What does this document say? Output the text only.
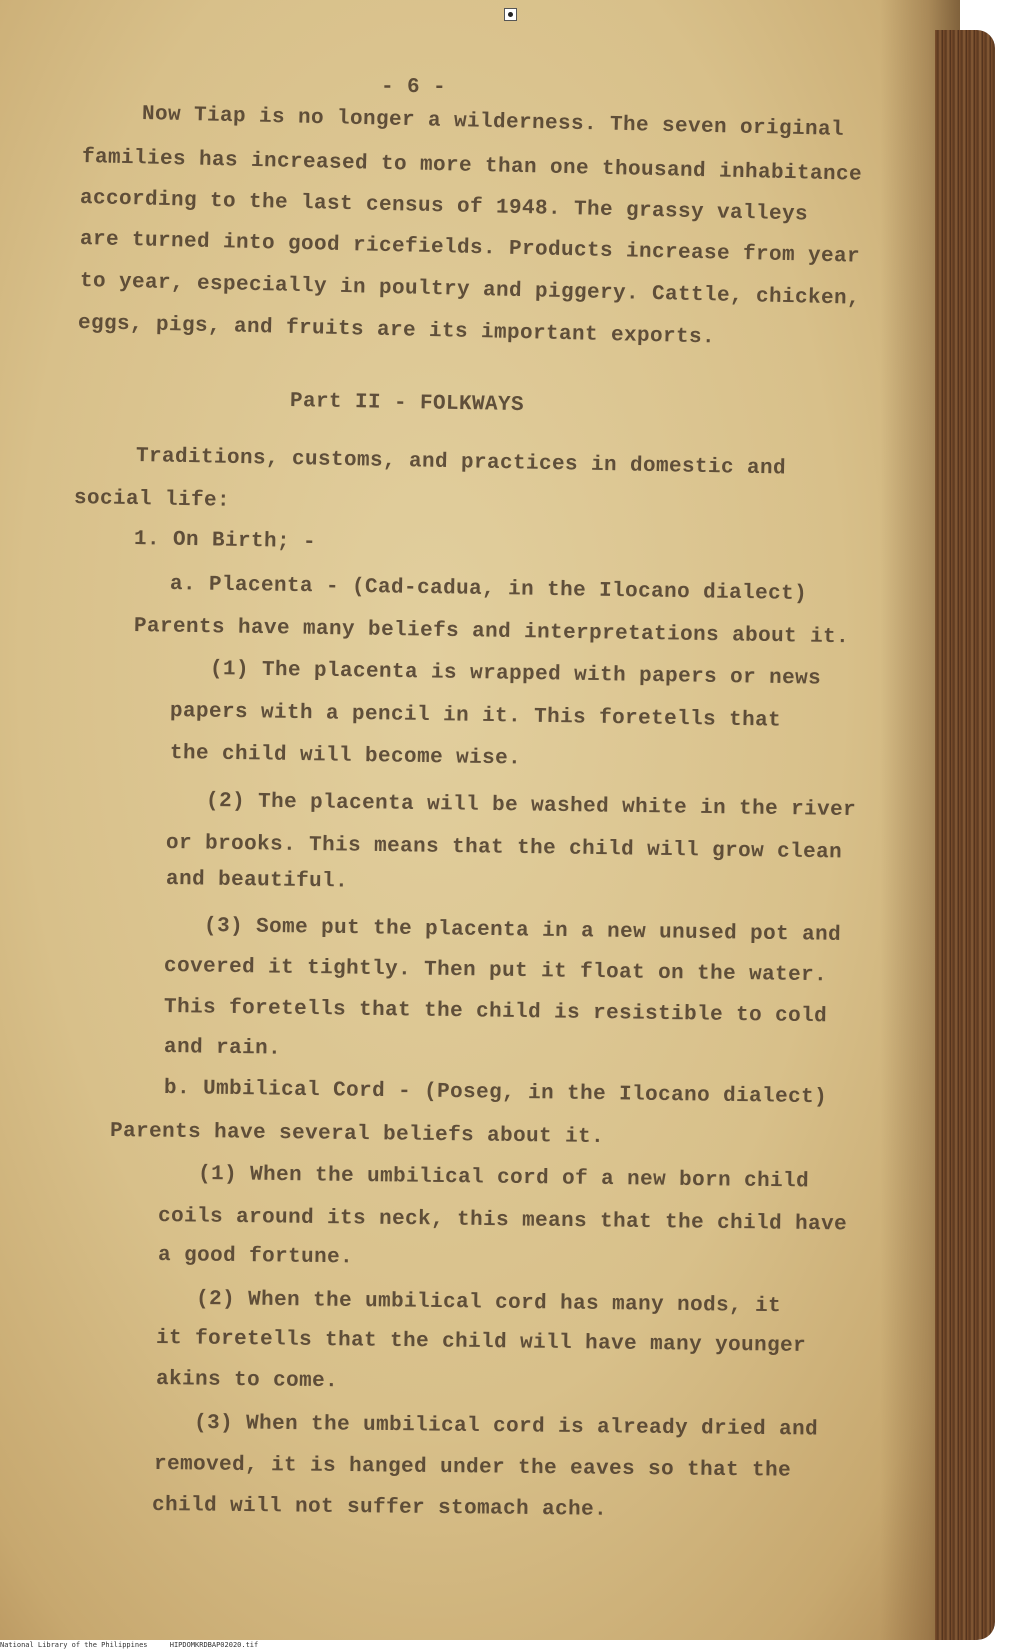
- 6 -
Now Tiap is no longer a wilderness. The seven original
families has increased to more than one thousand inhabitance
according to the last census of 1948. The grassy valleys
are turned into good ricefields. Products increase from year
to year, especially in poultry and piggery. Cattle, chicken,
eggs, pigs, and fruits are its important exports.
Part II - FOLKWAYS
Traditions, customs, and practices in domestic and
social life:
1. On Birth; -
a. Placenta - (Cad-cadua, in the Ilocano dialect)
Parents have many beliefs and interpretations about it.
(1) The placenta is wrapped with papers or news
papers with a pencil in it. This foretells that
the child will become wise.
(2) The placenta will be washed white in the river
or brooks. This means that the child will grow clean
and beautiful.
(3) Some put the placenta in a new unused pot and
covered it tightly. Then put it float on the water.
This foretells that the child is resistible to cold
and rain.
b. Umbilical Cord - (Poseg, in the Ilocano dialect)
Parents have several beliefs about it.
(1) When the umbilical cord of a new born child
coils around its neck, this means that the child have
a good fortune.
(2) When the umbilical cord has many nods, it
it foretells that the child will have many younger
akins to come.
(3) When the umbilical cord is already dried and
removed, it is hanged under the eaves so that the
child will not suffer stomach ache.
National Library of the Philippines	HIPDOMKRDBAP02020.tif
